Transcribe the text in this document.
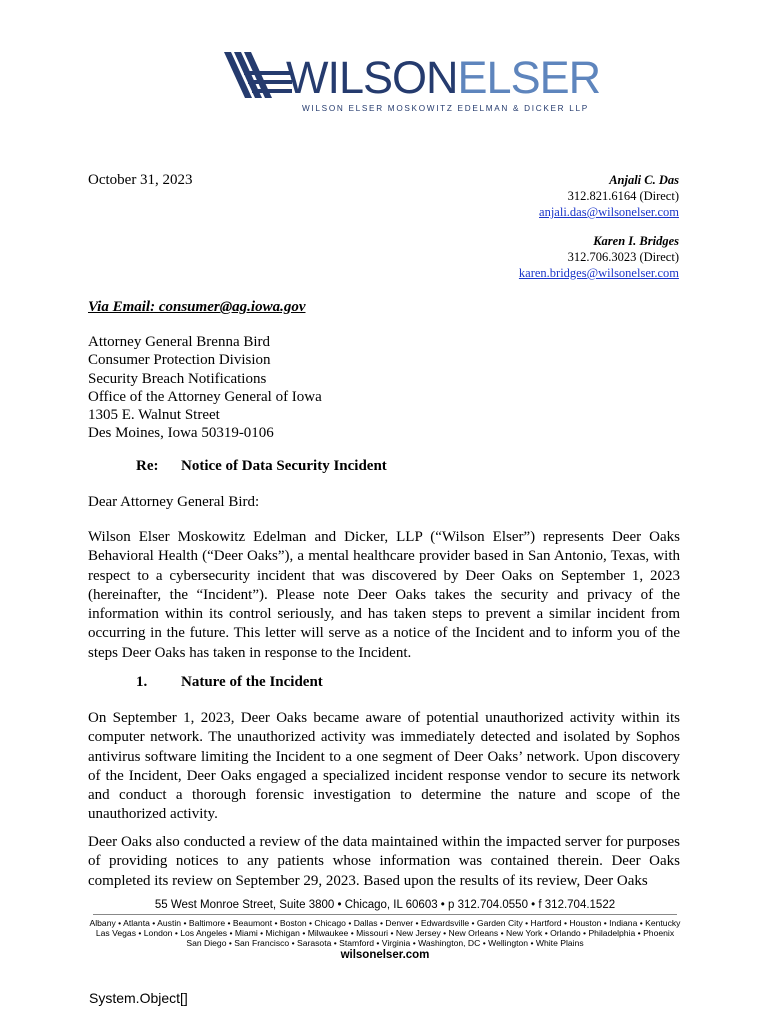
WILSONELSER
WILSON ELSER MOSKOWITZ EDELMAN & DICKER LLP
October 31, 2023	Anjali C. Das
312.821.6164 (Direct)
anjali.das@wilsonelser.com
Karen I. Bridges
312.706.3023 (Direct)
karen.bridges@wilsonelser.com
Via Email: consumer@ag.iowa.gov
Attorney General Brenna Bird
Consumer Protection Division
Security Breach Notifications
Office of the Attorney General of Iowa
1305 E. Walnut Street
Des Moines, Iowa 50319-0106
Re: Notice of Data Security Incident
Dear Attorney General Bird:
Wilson Elser Moskowitz Edelman and Dicker, LLP (“Wilson Elser”) represents Deer Oaks Behavioral Health (“Deer Oaks”), a mental healthcare provider based in San Antonio, Texas, with respect to a cybersecurity incident that was discovered by Deer Oaks on September 1, 2023 (hereinafter, the “Incident”). Please note Deer Oaks takes the security and privacy of the information within its control seriously, and has taken steps to prevent a similar incident from occurring in the future. This letter will serve as a notice of the Incident and to inform you of the steps Deer Oaks has taken in response to the Incident.
1. Nature of the Incident
On September 1, 2023, Deer Oaks became aware of potential unauthorized activity within its computer network. The unauthorized activity was immediately detected and isolated by Sophos antivirus software limiting the Incident to a one segment of Deer Oaks’ network. Upon discovery of the Incident, Deer Oaks engaged a specialized incident response vendor to secure its network and conduct a thorough forensic investigation to determine the nature and scope of the unauthorized activity.
Deer Oaks also conducted a review of the data maintained within the impacted server for purposes of providing notices to any patients whose information was contained therein. Deer Oaks completed its review on September 29, 2023. Based upon the results of its review, Deer Oaks
55 West Monroe Street, Suite 3800 • Chicago, IL 60603 • p 312.704.0550 • f 312.704.1522
Albany • Atlanta • Austin • Baltimore • Beaumont • Boston • Chicago • Dallas • Denver • Edwardsville • Garden City • Hartford • Houston • Indiana • Kentucky
Las Vegas • London • Los Angeles • Miami • Michigan • Milwaukee • Missouri • New Jersey • New Orleans • New York • Orlando • Philadelphia • Phoenix
San Diego • San Francisco • Sarasota • Stamford • Virginia • Washington, DC • Wellington • White Plains
wilsonelser.com
System.Object[]
